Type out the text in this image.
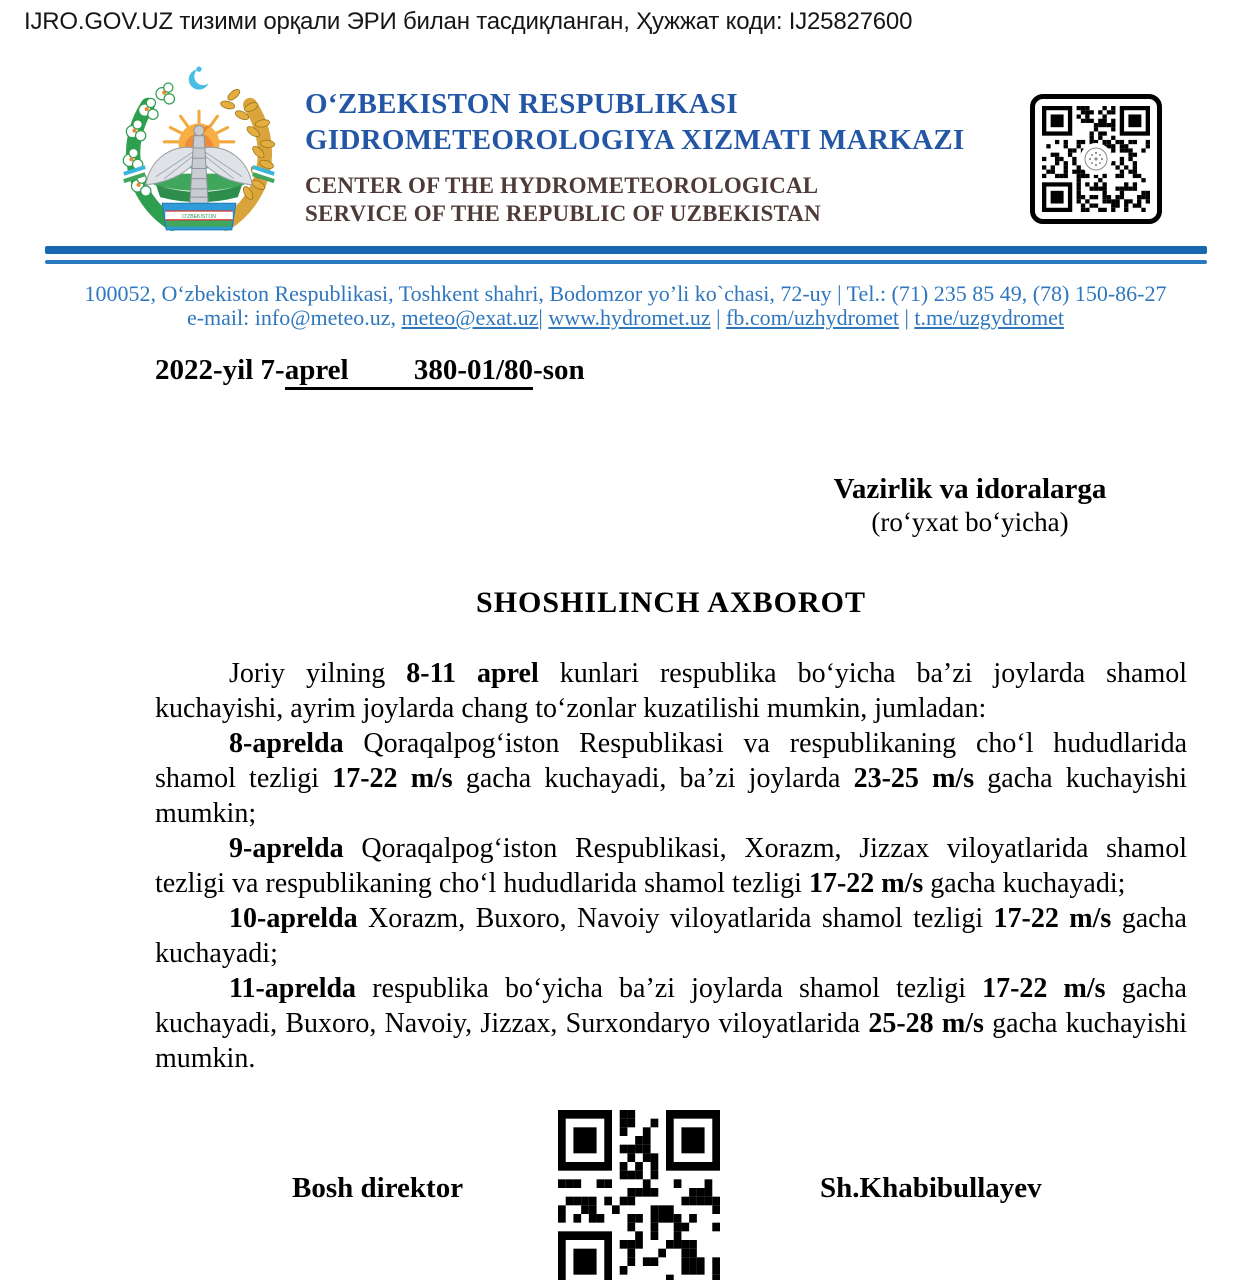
IJRO.GOV.UZ тизими орқали ЭРИ билан тасдиқланган, Ҳужжат коди: IJ25827600
OʻZBEKISTON
OʻZBEKISTON RESPUBLIKASI
GIDROMETEOROLOGIYA XIZMATI MARKAZI
CENTER OF THE HYDROMETEOROLOGICAL
SERVICE OF THE REPUBLIC OF UZBEKISTAN
100052, Oʻzbekiston Respublikasi, Toshkent shahri, Bodomzor yo’li ko`chasi, 72-uy | Tel.: (71) 235 85 49, (78) 150-86-27
e-mail: info@meteo.uz, meteo@exat.uz| www.hydromet.uz | fb.com/uzhydromet | t.me/uzgydromet
2022-yil 7-aprel         380-01/80-son
Vazirlik va idoralarga
(roʻyxat boʻyicha)
SHOSHILINCH AXBOROT

Joriy yilning 8-11 aprel kunlari respublika boʻyicha ba’zi joylarda shamol kuchayishi, ayrim joylarda chang toʻzonlar kuzatilishi mumkin, jumladan:

8-aprelda Qoraqalpogʻiston Respublikasi va respublikaning choʻl hududlarida shamol tezligi 17-22 m/s gacha kuchayadi, ba’zi joylarda 23-25 m/s gacha kuchayishi mumkin;

9-aprelda Qoraqalpogʻiston Respublikasi, Xorazm, Jizzax viloyatlarida shamol tezligi va respublikaning choʻl hududlarida shamol tezligi 17-22 m/s gacha kuchayadi;

10-aprelda Xorazm, Buxoro, Navoiy viloyatlarida shamol tezligi 17-22 m/s gacha kuchayadi;

11-aprelda respublika boʻyicha ba’zi joylarda shamol tezligi 17-22 m/s gacha kuchayadi, Buxoro, Navoiy, Jizzax, Surxondaryo viloyatlarida 25-28 m/s gacha kuchayishi mumkin.

Bosh direktor	Sh.Khabibullayev
